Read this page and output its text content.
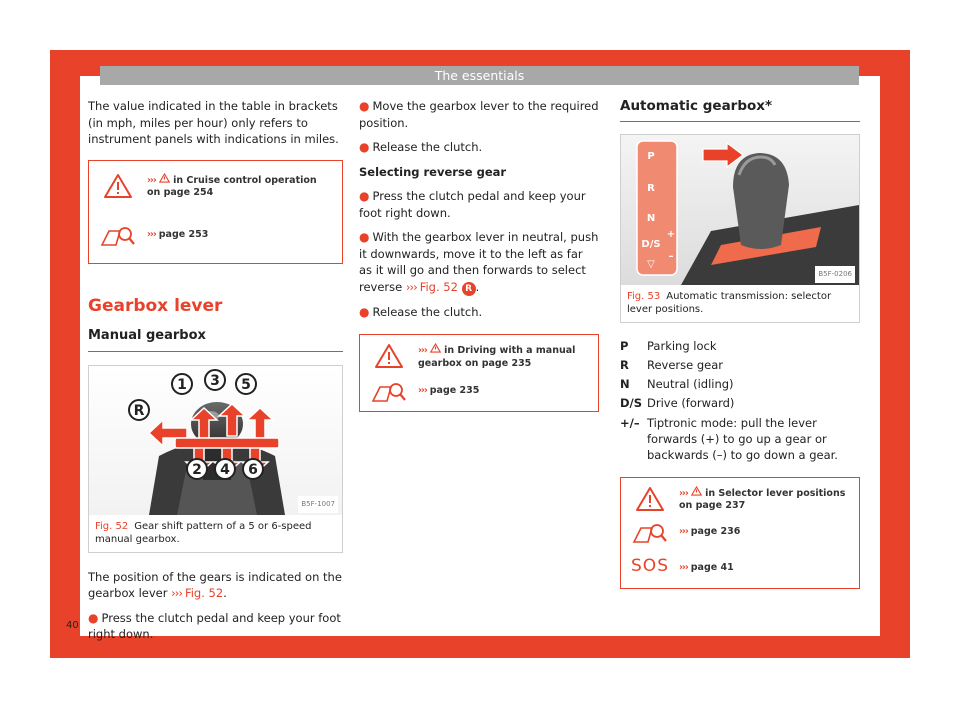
The essentials

The value indicated in the table in brackets (in mph, miles per hour) only refers to instrument panels with indications in miles.

››› in Cruise control operation on page 254
››› page 253
Gearbox lever
Manual gearbox
R
1 3 5
2 4 6
B5F-1007
Fig. 52 Gear shift pattern of a 5 or 6-speed manual gearbox.

The position of the gears is indicated on the gearbox lever ››› Fig. 52.

● Press the clutch pedal and keep your foot right down.

● Move the gearbox lever to the required position.

● Release the clutch.

Selecting reverse gear

● Press the clutch pedal and keep your foot right down.

● With the gearbox lever in neutral, push it downwards, move it to the left as far as it will go and then forwards to select reverse ››› Fig. 52 R .

● Release the clutch.

››› in Driving with a manual gearbox on page 235
››› page 235
Automatic gearbox*
P
R
N
D/S
▽
+
–
B5F-0206
Fig. 53 Automatic transmission: selector lever positions.
P	Parking lock
R	Reverse gear
N	Neutral (idling)
D/S Drive (forward)
+/– Tiptronic mode: pull the lever forwards (+) to go up a gear or backwards (–) to go down a gear.
››› in Selector lever positions on page 237
››› page 236
SOS ››› page 41
40
